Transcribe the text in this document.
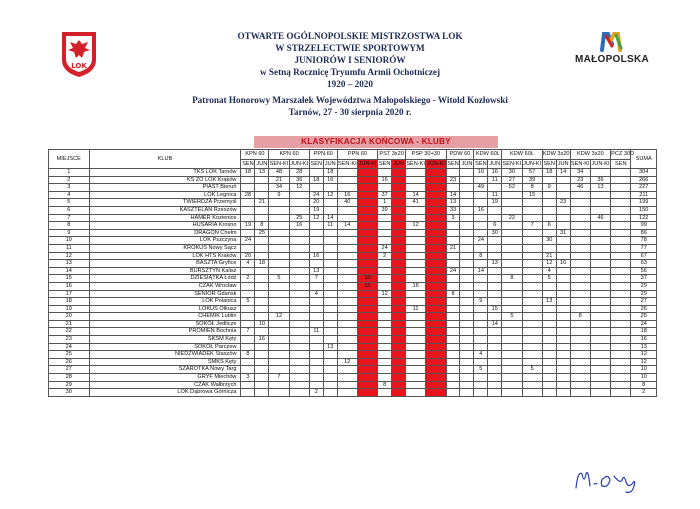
LOK
MAŁOPOLSKA
OTWARTE OGÓLNOPOLSKIE MISTRZOSTWA LOK
W STRZELECTWIE SPORTOWYM
JUNIORÓW I SENIORÓW
w Setną Rocznicę Tryumfu Armii Ochotniczej
1920 – 2020
Patronat Honorowy Marszałek Województwa Małopolskiego - Witold Kozłowski
Tarnów, 27 - 30 sierpnia 2020 r.
KLASYFIKACJA KOŃCOWA - KLUBY
MIEJSCE	KLUB	KPN 60		KPN 60		PPN 60		PPN 60		PST 3x20		PSP 30+30		PDW 60		KDW 60L		KDW 60L		KDW 3x20		KDW 3x20		PCZ 30D	SUMA
		SEN	JUN	SEN-KI	JUN-KI	SEN	JUN	SEN-KI	JUN-KI	SEN	JUN	SEN-KI	JUN-KI	SEN	JUN	SEN	JUN	SEN-KI	JUN-KI	SEN	JUN	SEN-KI	JUN-KI	SEN	
1	TKS LOK Tarnów	18	13	48	28		18									10	16	30	57	18	14	34			304
2	KS ZO LOK Kraków			21	36	18	16			16				23			11	27	39			23	36		266
3	PIAST Bieruń			34	12											49		52	8	9		46	13		227
4	LOK Legnica	28		9		24	12	16		37		14		14			11		15						211
5	TWIERDZA Przemyśl		21			20		40		1		41		13			19				23				199
6	KASZTELAN Rzeszów					19				39				33		16									150
7	HAMER Kozienice				25	12	14							3				22					46		122
8	HUSARIA Krosno	19	8		16		11	14				12					6		7	6					99
9	DRAGON Chełm		25														30				31				86
10	LOK Pszczyna	24														24				30					78
11	KROKUS Nowy Sącz									24				21											77
12	LOK HTS Kraków	20				16				2						8				21					67
13	BASZTA Gryfice	4	18														13			12	16				63
14	BURSZTYN Kalisz					13								24		14				4					56
15	DZIESIĄTKA Łódź	2		5		7			10									8		5					37
16	CZAK Wrocław								11			16													29
17	SENIOR Gdańsk					4				12				8											29
18	LOK Polanica	5														9				13					27
19	LOKUS Olkusz											11					15								26
20	CHEMIK Lublin			12														5				8			25
21	SOKÓŁ Jedlicze		10														14								24
22	PROMIEŃ Bochnia	7				11																			18
23	SKSM Kęty		16																						16
24	SOKÓŁ Parczew						13																		13
25	NIEDŹWIADEK Staszów	8														4									12
26	SMKS Kęty							12																	12
27	SZAROTKA Nowy Targ															5			5						10
28	GRYF Miechów	3		7																					10
29	CZAK Wałbrzych									8															8
30	LOK Dąbrowa Górnicza					2																			2
